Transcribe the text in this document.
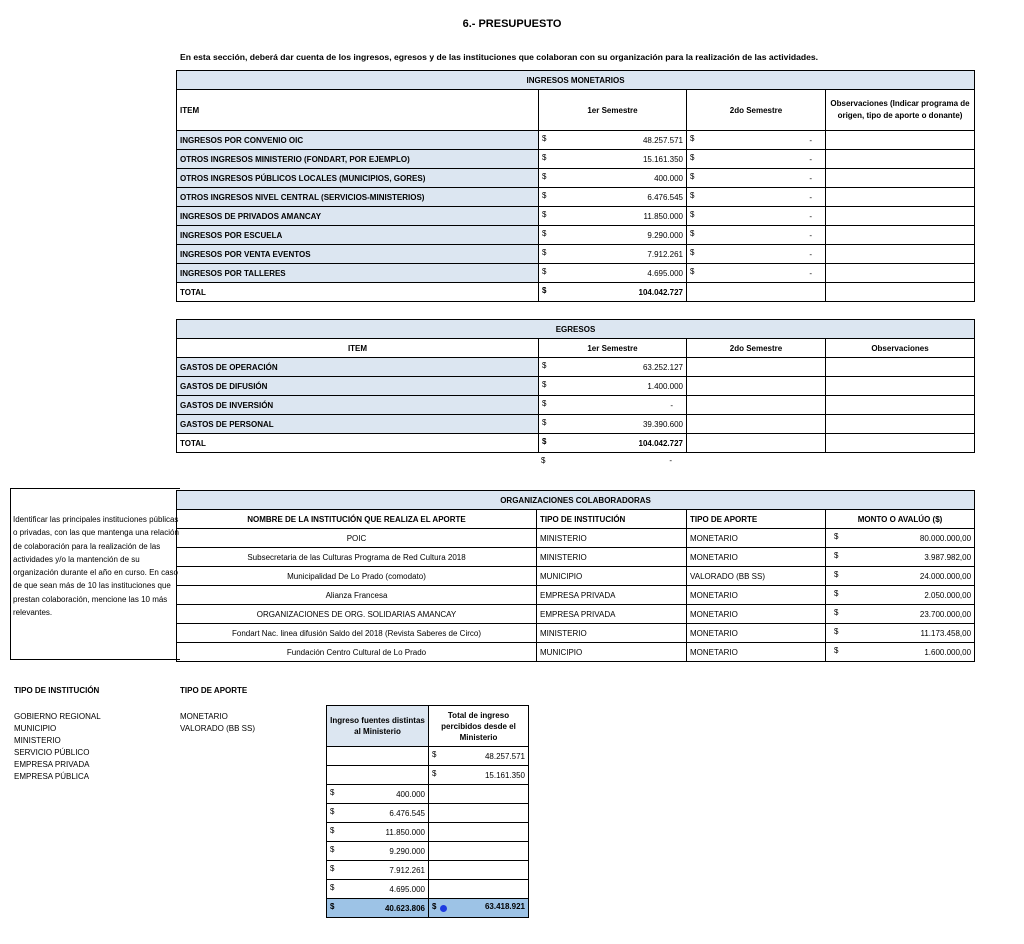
6.- PRESUPUESTO
En esta sección, deberá dar cuenta de los ingresos, egresos y de las instituciones que colaboran con su organización para la realización de las actividades.
INGRESOS MONETARIOS			
ITEM	1er Semestre	2do Semestre	Observaciones (Indicar programa de origen, tipo de aporte o donante)
INGRESOS POR CONVENIO OIC	$ 48.257.571	$ -	

OTROS INGRESOS MINISTERIO (FONDART, POR EJEMPLO)	$ 15.161.350	$ -	

OTROS INGRESOS PÚBLICOS LOCALES (MUNICIPIOS, GORES)	$ 400.000	$ -	

OTROS INGRESOS NIVEL CENTRAL (SERVICIOS-MINISTERIOS)	$ 6.476.545	$ -	

INGRESOS DE PRIVADOS AMANCAY	$ 11.850.000	$ -	

INGRESOS POR ESCUELA	$ 9.290.000	$ -	

INGRESOS POR VENTA EVENTOS	$ 7.912.261	$ -	

INGRESOS POR TALLERES	$ 4.695.000	$ -	

TOTAL	$ 104.042.727		

EGRESOS			
ITEM	1er Semestre	2do Semestre	Observaciones
GASTOS DE OPERACIÓN	$ 63.252.127		

GASTOS DE DIFUSIÓN	$ 1.400.000		

GASTOS DE INVERSIÓN	$ -		

GASTOS DE PERSONAL	$ 39.390.600		

TOTAL	$ 104.042.727		

$	-
Identificar las principales instituciones públicas o privadas, con las que mantenga una relación de colaboración para la realización de las actividades y/o la mantención de su organización durante el año en curso. En caso de que sean más de 10 las instituciones que prestan colaboración, mencione las 10 más relevantes.
ORGANIZACIONES COLABORADORAS			
NOMBRE DE LA INSTITUCIÓN QUE REALIZA EL APORTE	TIPO DE INSTITUCIÓN	TIPO DE APORTE	MONTO O AVALÚO ($)
POIC	MINISTERIO	MONETARIO	$ 80.000.000,00

Subsecretaria de las Culturas Programa de Red Cultura 2018	MINISTERIO	MONETARIO	$ 3.987.982,00

Municipalidad De Lo Prado (comodato)	MUNICIPIO	VALORADO (BB SS)	$ 24.000.000,00

Alianza Francesa	EMPRESA PRIVADA	MONETARIO	$ 2.050.000,00

ORGANIZACIONES DE ORG. SOLIDARIAS AMANCAY	EMPRESA PRIVADA	MONETARIO	$ 23.700.000,00

Fondart Nac. linea difusión Saldo del 2018 (Revista Saberes de Circo)	MINISTERIO	MONETARIO	$ 11.173.458,00

Fundación Centro Cultural de Lo Prado	MUNICIPIO	MONETARIO	$ 1.600.000,00
TIPO DE INSTITUCIÓN
GOBIERNO REGIONAL
MUNICIPIO
MINISTERIO
SERVICIO PÚBLICO
EMPRESA PRIVADA
EMPRESA PÚBLICA
TIPO DE APORTE
MONETARIO
VALORADO (BB SS)
Ingreso fuentes distintas al Ministerio	Total de ingreso percibidos desde el Ministerio

	$ 48.257.571

	$ 15.161.350

$ 400.000	

$ 6.476.545	

$ 11.850.000	

$ 9.290.000	

$ 7.912.261	

$ 4.695.000	

$ 40.623.806	$ 63.418.921
